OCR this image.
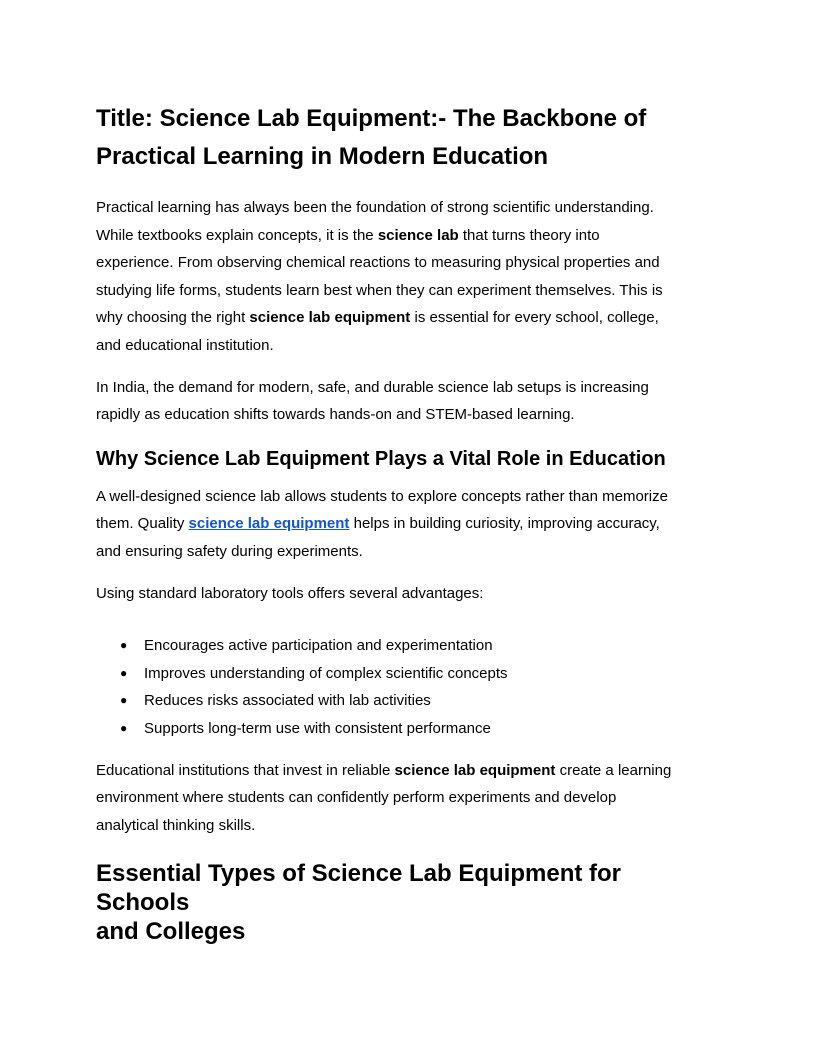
Title: Science Lab Equipment:- The Backbone of
Practical Learning in Modern Education

Practical learning has always been the foundation of strong scientific understanding.
While textbooks explain concepts, it is the science lab that turns theory into
experience. From observing chemical reactions to measuring physical properties and
studying life forms, students learn best when they can experiment themselves. This is
why choosing the right science lab equipment is essential for every school, college,
and educational institution.

In India, the demand for modern, safe, and durable science lab setups is increasing
rapidly as education shifts towards hands-on and STEM-based learning.

Why Science Lab Equipment Plays a Vital Role in Education

A well-designed science lab allows students to explore concepts rather than memorize
them. Quality science lab equipment helps in building curiosity, improving accuracy,
and ensuring safety during experiments.

Using standard laboratory tools offers several advantages:

● Encourages active participation and experimentation
● Improves understanding of complex scientific concepts
● Reduces risks associated with lab activities
● Supports long-term use with consistent performance

Educational institutions that invest in reliable science lab equipment create a learning
environment where students can confidently perform experiments and develop
analytical thinking skills.

Essential Types of Science Lab Equipment for Schools
and Colleges
